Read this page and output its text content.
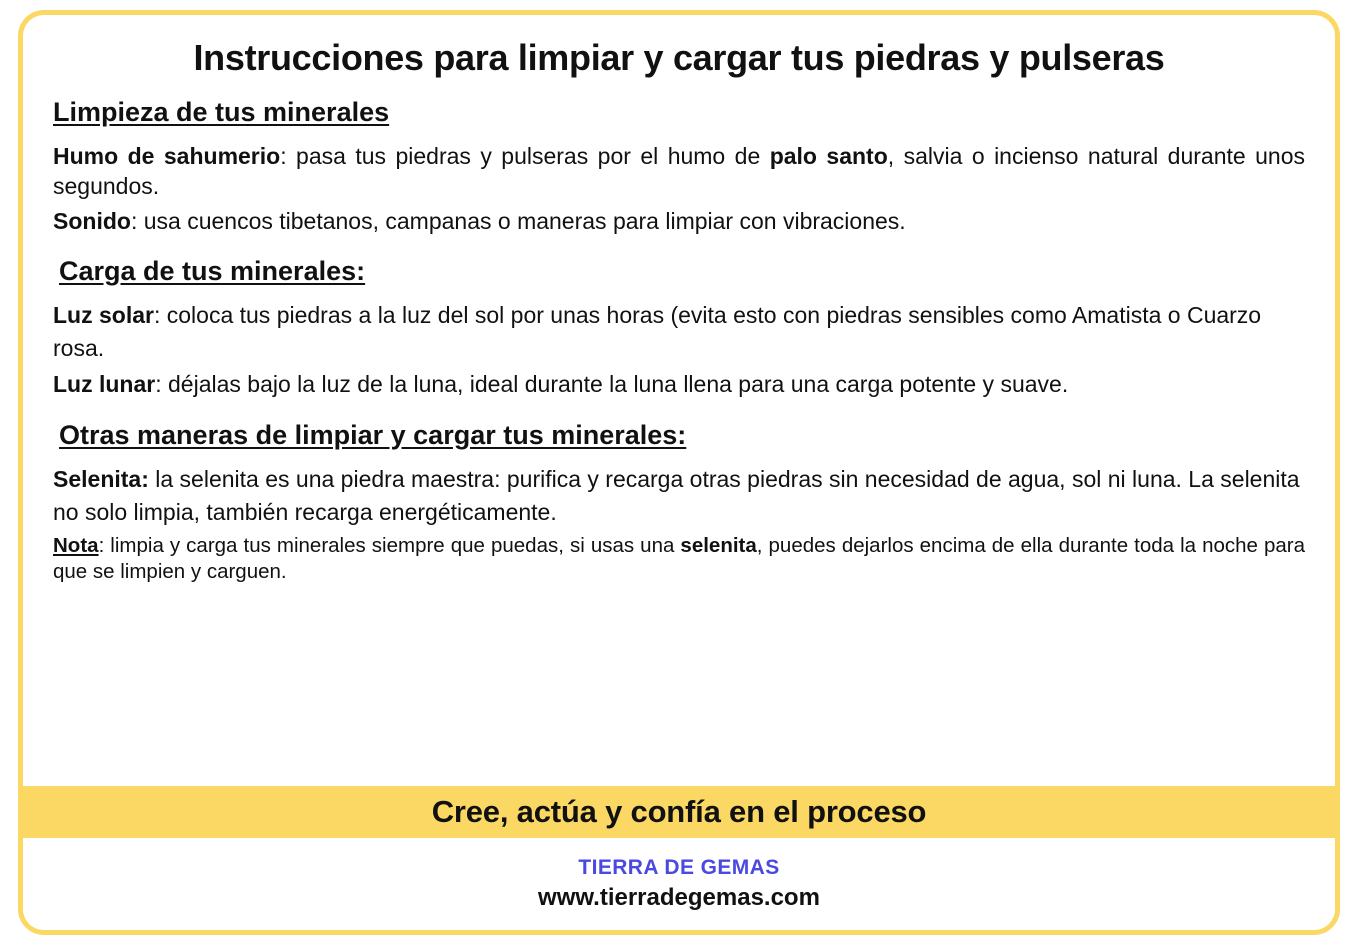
Instrucciones para limpiar y cargar tus piedras y pulseras
Limpieza de tus minerales

Humo de sahumerio: pasa tus piedras y pulseras por el humo de palo santo, salvia o incienso natural durante unos segundos.

Sonido: usa cuencos tibetanos, campanas o maneras para limpiar con vibraciones.

Carga de tus minerales:

Luz solar: coloca tus piedras a la luz del sol por unas horas (evita esto con piedras sensibles como Amatista o Cuarzo rosa.

Luz lunar: déjalas bajo la luz de la luna, ideal durante la luna llena para una carga potente y suave.

Otras maneras de limpiar y cargar tus minerales:

Selenita: la selenita es una piedra maestra: purifica y recarga otras piedras sin necesidad de agua, sol ni luna. La selenita no solo limpia, también recarga energéticamente.

Nota: limpia y carga tus minerales siempre que puedas, si usas una selenita, puedes dejarlos encima de ella durante toda la noche para que se limpien y carguen.

Cree, actúa y confía en el proceso
TIERRA DE GEMAS
www.tierradegemas.com
